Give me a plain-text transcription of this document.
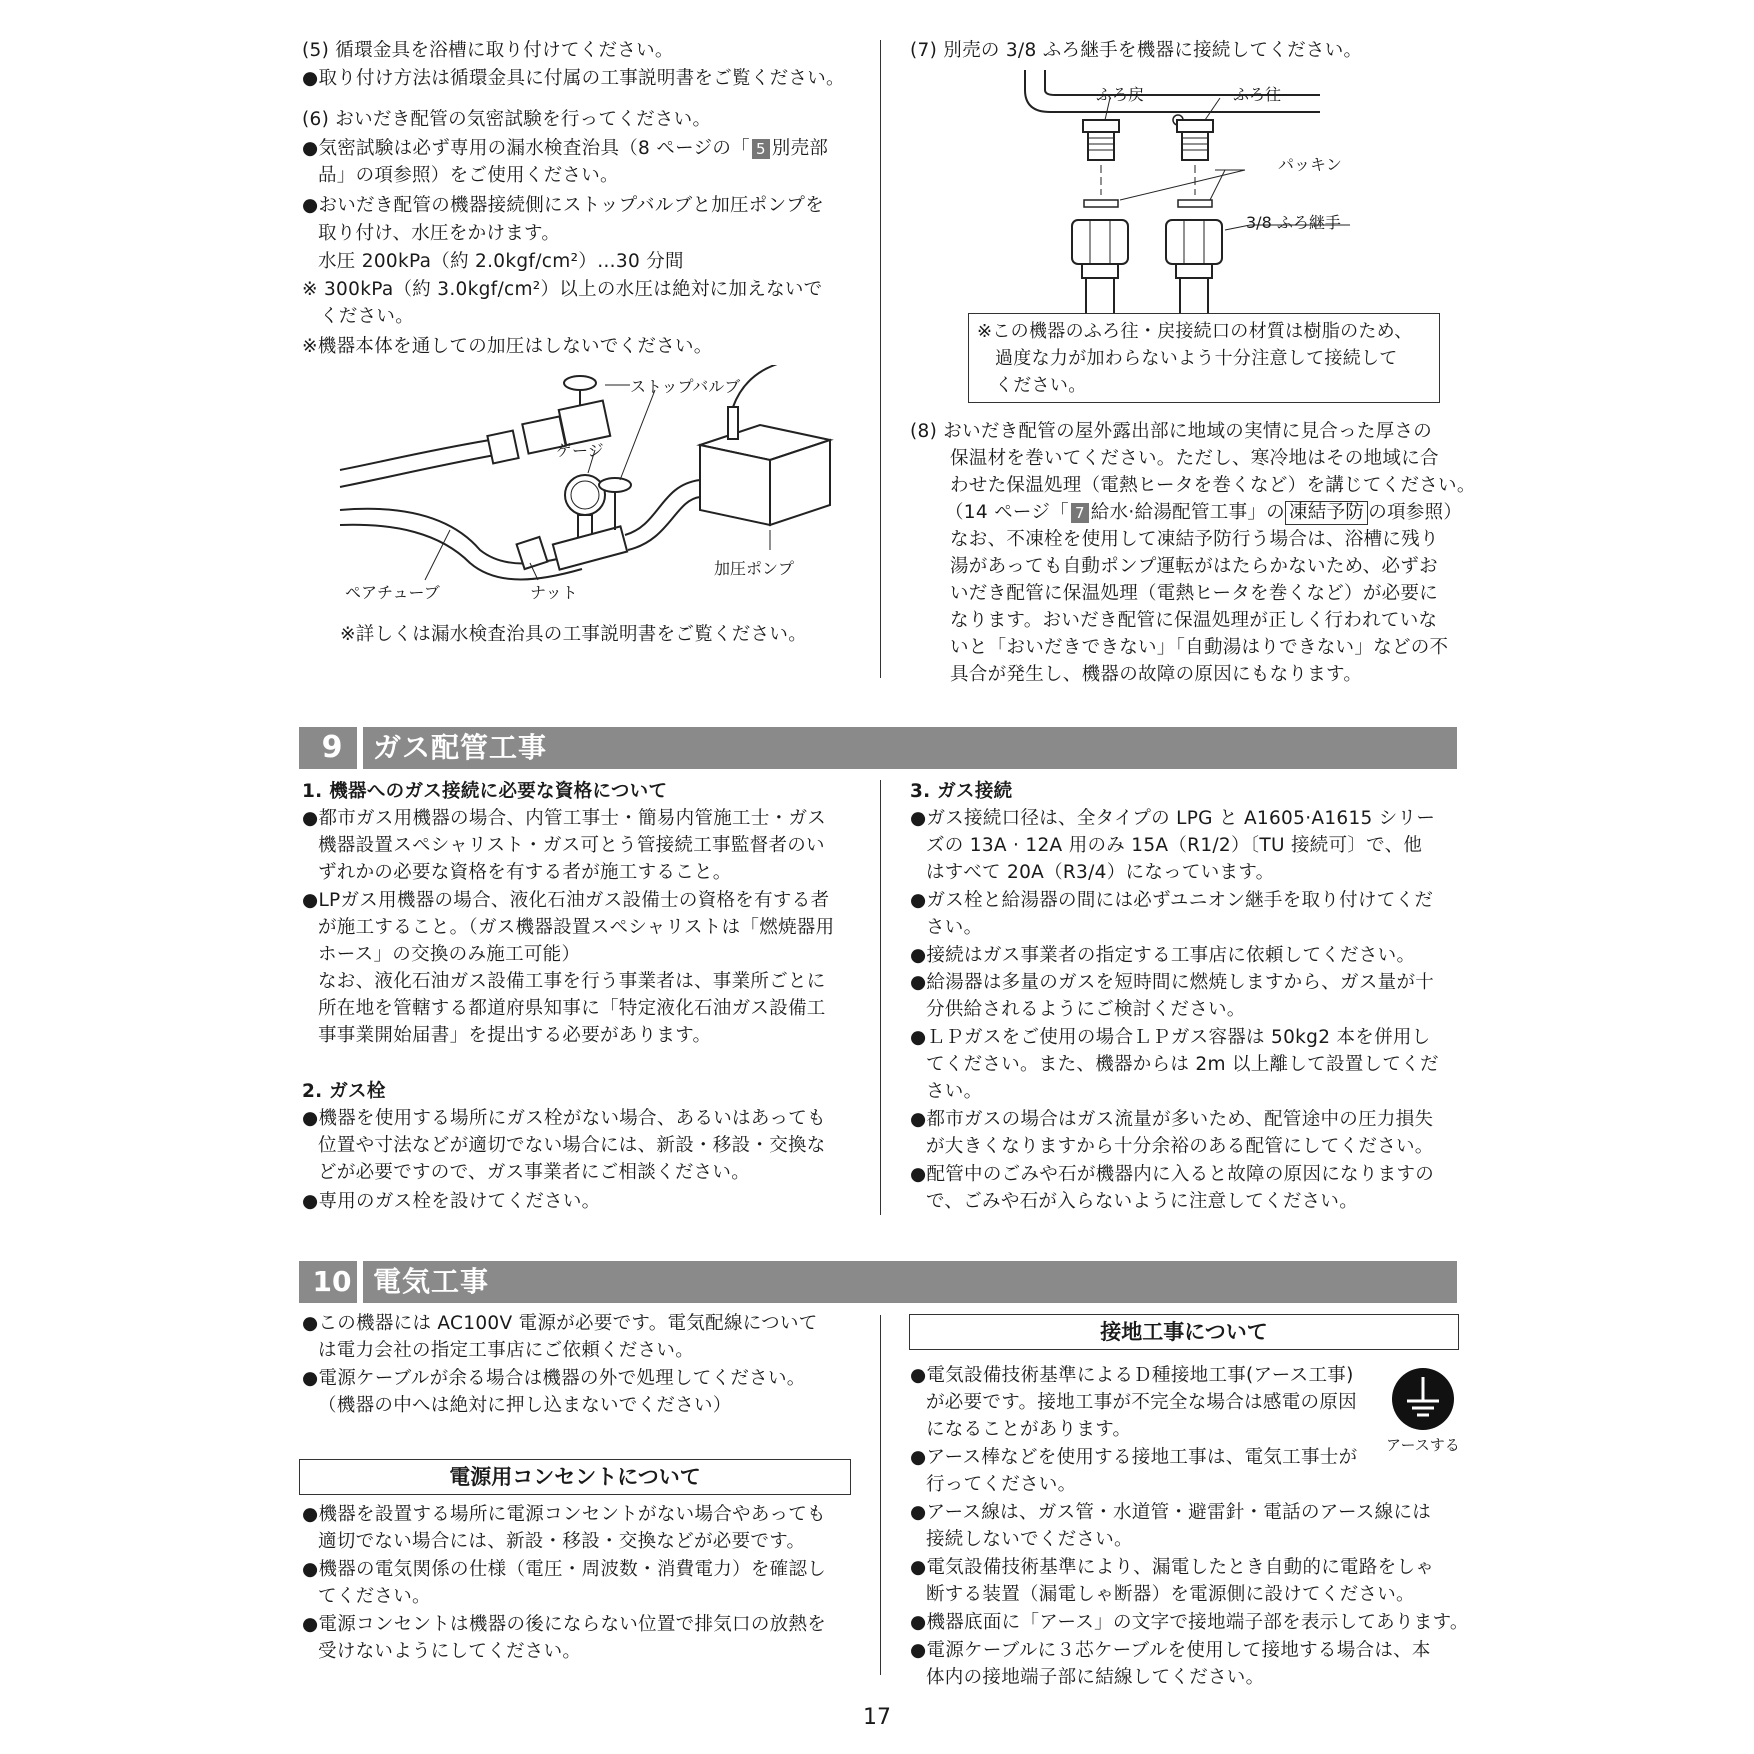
(5) 循環金具を浴槽に取り付けてください。
●取り付け方法は循環金具に付属の工事説明書をご覧ください。
(6) おいだき配管の気密試験を行ってください。
●気密試験は必ず専用の漏水検査治具（8 ページの「 5 別売部
品」の項参照）をご使用ください。
●おいだき配管の機器接続側にストップバルブと加圧ポンプを
取り付け、水圧をかけます。
水圧 200kPa（約 2.0kgf/cm²）…30 分間
※ 300kPa（約 3.0kgf/cm²）以上の水圧は絶対に加えないで
ください。
※機器本体を通しての加圧はしないでください。
ストップバルブ
ゲージ
加圧ポンプ
ペアチューブ	ナット
※詳しくは漏水検査治具の工事説明書をご覧ください。
(7) 別売の 3/8 ふろ継手を機器に接続してください。
ふろ戻	ふろ往
パッキン
3/8 ふろ継手
※この機器のふろ往・戻接続口の材質は樹脂のため、
過度な力が加わらないよう十分注意して接続して
ください。
(8) おいだき配管の屋外露出部に地域の実情に見合った厚さの
保温材を巻いてください。ただし、寒冷地はその地域に合
わせた保温処理（電熱ヒータを巻くなど）を講じてください。
（14 ページ「 7 給水·給湯配管工事」の 凍結予防 の項参照）
なお、不凍栓を使用して凍結予防行う場合は、浴槽に残り
湯があっても自動ポンプ運転がはたらかないため、必ずお
いだき配管に保温処理（電熱ヒータを巻くなど）が必要に
なります。おいだき配管に保温処理が正しく行われていな
いと「おいだきできない」「自動湯はりできない」などの不
具合が発生し、機器の故障の原因にもなります。
9	ガス配管工事
1. 機器へのガス接続に必要な資格について
●都市ガス用機器の場合、内管工事士・簡易内管施工士・ガス
機器設置スペシャリスト・ガス可とう管接続工事監督者のい
ずれかの必要な資格を有する者が施工すること。
●LPガス用機器の場合、液化石油ガス設備士の資格を有する者
が施工すること。（ガス機器設置スペシャリストは「燃焼器用
ホース」の交換のみ施工可能）
なお、液化石油ガス設備工事を行う事業者は、事業所ごとに
所在地を管轄する都道府県知事に「特定液化石油ガス設備工
事事業開始届書」を提出する必要があります。
2. ガス栓
●機器を使用する場所にガス栓がない場合、あるいはあっても
位置や寸法などが適切でない場合には、新設・移設・交換な
どが必要ですので、ガス事業者にご相談ください。
●専用のガス栓を設けてください。
3. ガス接続
●ガス接続口径は、全タイプの LPG と A1605·A1615 シリー
ズの 13A · 12A 用のみ 15A（R1/2）〔TU 接続可〕で、他
はすべて 20A（R3/4）になっています。
●ガス栓と給湯器の間には必ずユニオン継手を取り付けてくだ
さい。
●接続はガス事業者の指定する工事店に依頼してください。
●給湯器は多量のガスを短時間に燃焼しますから、ガス量が十
分供給されるようにご検討ください。
●ＬＰガスをご使用の場合ＬＰガス容器は 50kg2 本を併用し
てください。また、機器からは 2m 以上離して設置してくだ
さい。
●都市ガスの場合はガス流量が多いため、配管途中の圧力損失
が大きくなりますから十分余裕のある配管にしてください。
●配管中のごみや石が機器内に入ると故障の原因になりますの
で、ごみや石が入らないように注意してください。
10 電気工事
●この機器には AC100V 電源が必要です。電気配線について
は電力会社の指定工事店にご依頼ください。
●電源ケーブルが余る場合は機器の外で処理してください。
（機器の中へは絶対に押し込まないでください）
電源用コンセントについて
●機器を設置する場所に電源コンセントがない場合やあっても
適切でない場合には、新設・移設・交換などが必要です。
●機器の電気関係の仕様（電圧・周波数・消費電力）を確認し
てください。
●電源コンセントは機器の後にならない位置で排気口の放熱を
受けないようにしてください。
接地工事について
●電気設備技術基準によるＤ種接地工事(アース工事)
が必要です。接地工事が不完全な場合は感電の原因
になることがあります。
●アース棒などを使用する接地工事は、電気工事士が
行ってください。
●アース線は、ガス管・水道管・避雷針・電話のアース線には
接続しないでください。
●電気設備技術基準により、漏電したとき自動的に電路をしゃ
断する装置（漏電しゃ断器）を電源側に設けてください。
●機器底面に「アース」の文字で接地端子部を表示してあります。
●電源ケーブルに３芯ケーブルを使用して接地する場合は、本
体内の接地端子部に結線してください。
アースする
17
